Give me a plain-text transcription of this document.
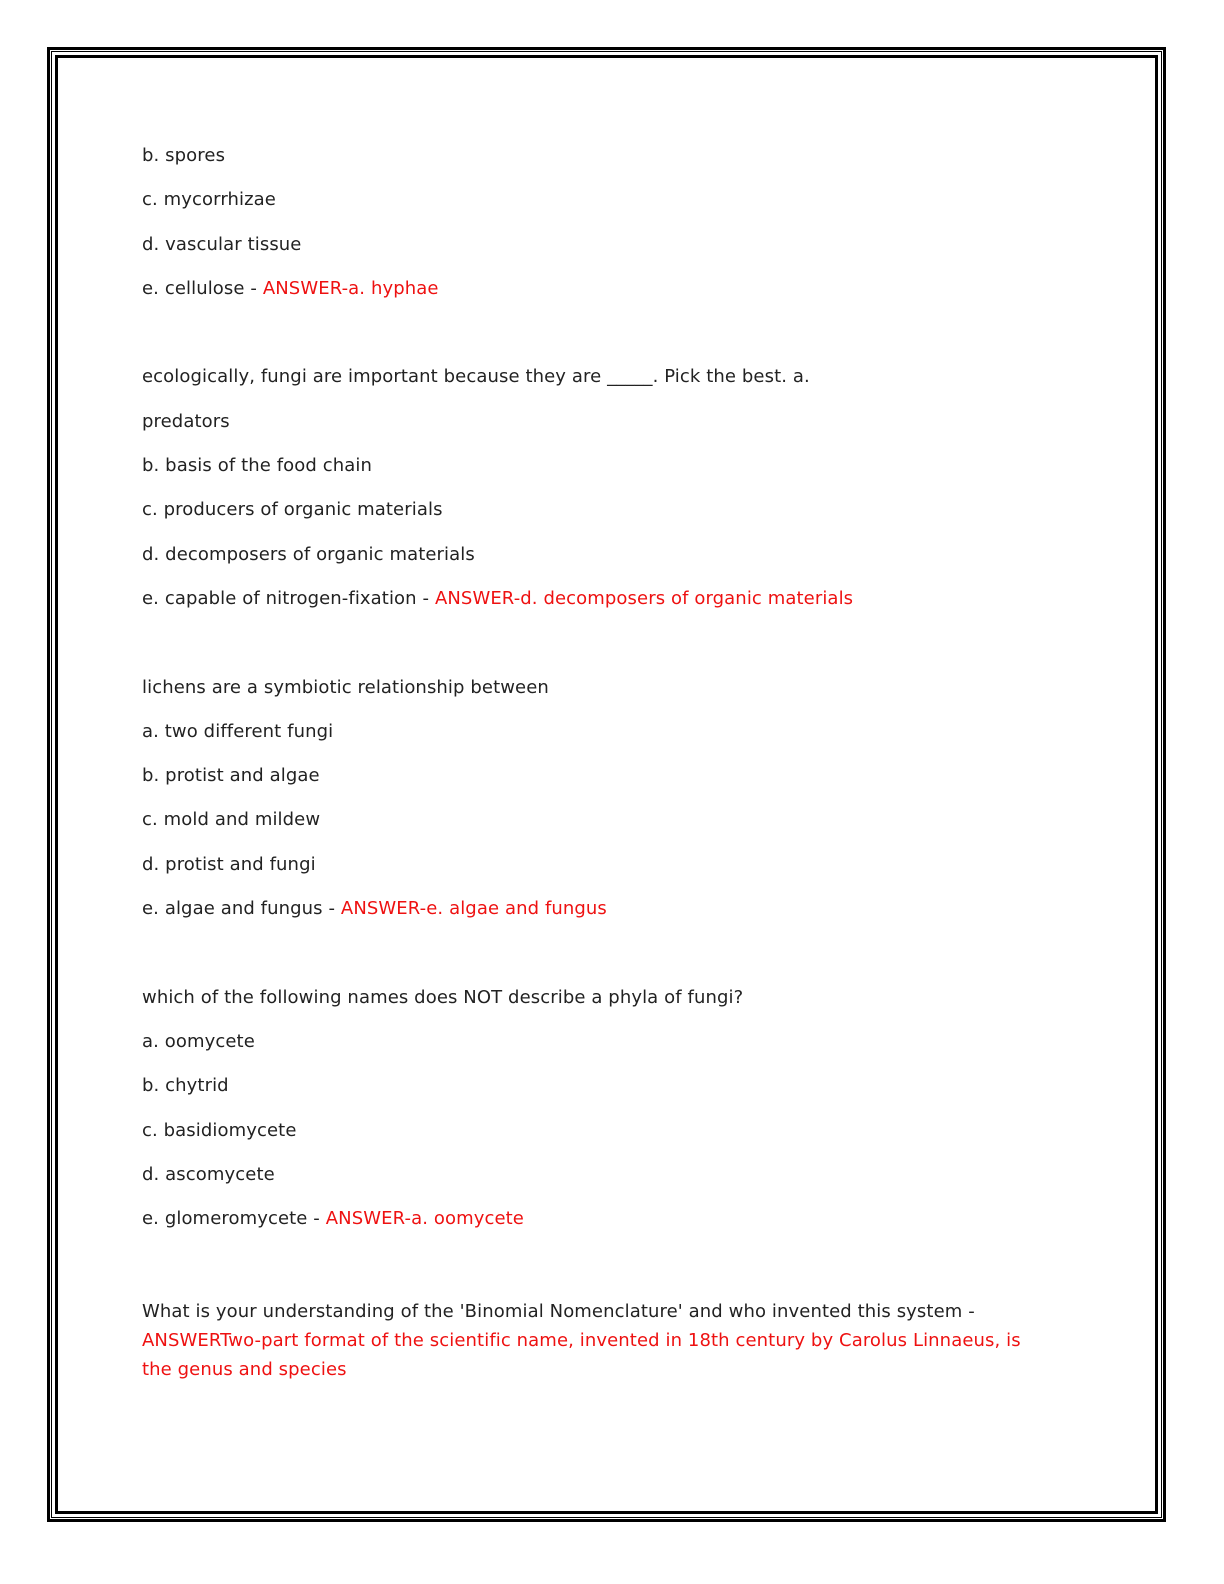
b. spores
c. mycorrhizae
d. vascular tissue
e. cellulose - ANSWER-a. hyphae
ecologically, fungi are important because they are _____. Pick the best. a.
predators
b. basis of the food chain
c. producers of organic materials
d. decomposers of organic materials
e. capable of nitrogen-fixation - ANSWER-d. decomposers of organic materials
lichens are a symbiotic relationship between
a. two different fungi
b. protist and algae
c. mold and mildew
d. protist and fungi
e. algae and fungus - ANSWER-e. algae and fungus
which of the following names does NOT describe a phyla of fungi?
a. oomycete
b. chytrid
c. basidiomycete
d. ascomycete
e. glomeromycete - ANSWER-a. oomycete
What is your understanding of the 'Binomial Nomenclature' and who invented this system -
ANSWERTwo-part format of the scientific name, invented in 18th century by Carolus Linnaeus, is the genus and species
